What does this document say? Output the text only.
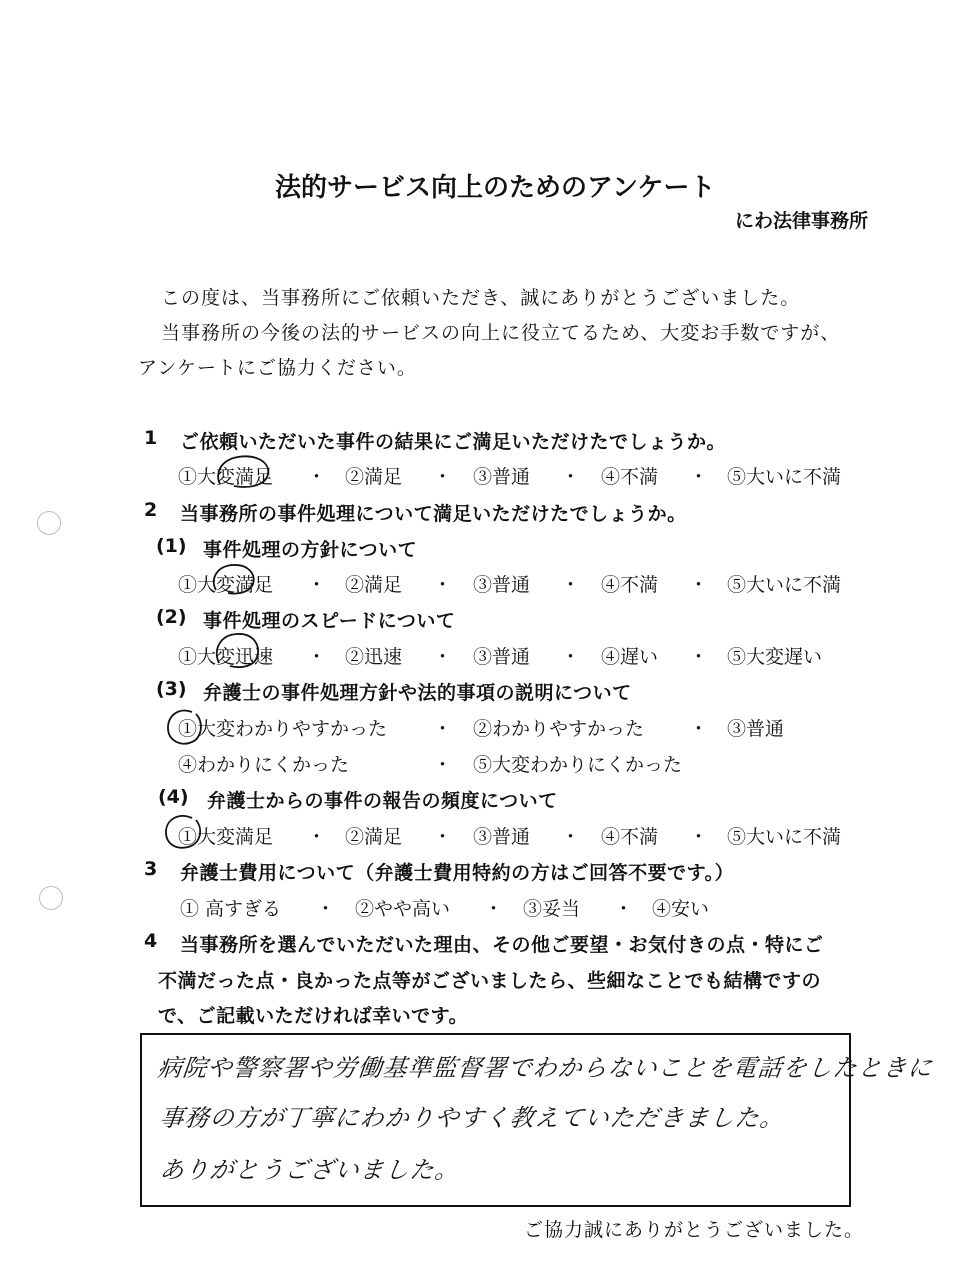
法的サービス向上のためのアンケート
にわ法律事務所
この度は、当事務所にご依頼いただき、誠にありがとうございました。
当事務所の今後の法的サービスの向上に役立てるため、大変お手数ですが、
アンケートにご協力ください。
1 ご依頼いただいた事件の結果にご満足いただけたでしょうか。
①大変満足 ・ ②満足 ・ ③普通 ・ ④不満 ・ ⑤大いに不満
2 当事務所の事件処理について満足いただけたでしょうか。
(1) 事件処理の方針について
①大変満足 ・ ②満足 ・ ③普通 ・ ④不満 ・ ⑤大いに不満
(2) 事件処理のスピードについて
①大変迅速 ・ ②迅速 ・ ③普通 ・ ④遅い ・ ⑤大変遅い
(3) 弁護士の事件処理方針や法的事項の説明について
①大変わかりやすかった ・ ②わかりやすかった ・ ③普通
④わかりにくかった	・ ⑤大変わかりにくかった
(4) 弁護士からの事件の報告の頻度について
①大変満足 ・ ②満足 ・ ③普通 ・ ④不満 ・ ⑤大いに不満
3 弁護士費用について（弁護士費用特約の方はご回答不要です。）
① 高すぎる ・ ②やや高い ・ ③妥当 ・ ④安い
4 当事務所を選んでいただいた理由、その他ご要望・お気付きの点・特にご
不満だった点・良かった点等がございましたら、些細なことでも結構ですの
で、ご記載いただければ幸いです。
病院や警察署や労働基準監督署でわからないことを電話をしたときに
事務の方が丁寧にわかりやすく教えていただきました。
ありがとうございました。
ご協力誠にありがとうございました。
